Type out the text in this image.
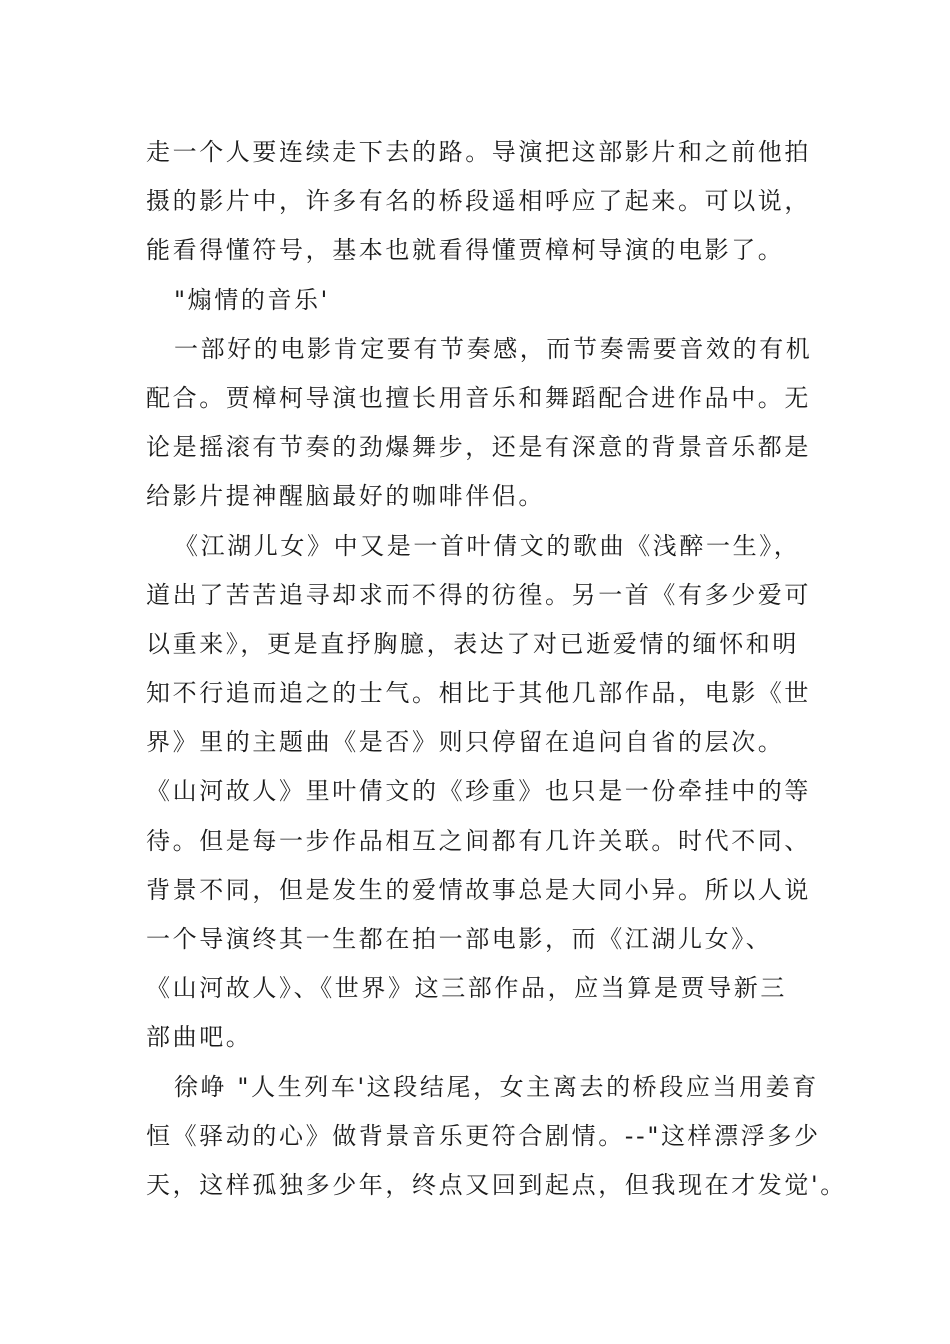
走一个人要连续走下去的路。导演把这部影片和之前他拍
摄的影片中，许多有名的桥段遥相呼应了起来。可以说，
能看得懂符号，基本也就看得懂贾樟柯导演的电影了。
"煽情的音乐'
一部好的电影肯定要有节奏感，而节奏需要音效的有机
配合。贾樟柯导演也擅长用音乐和舞蹈配合进作品中。无
论是摇滚有节奏的劲爆舞步，还是有深意的背景音乐都是
给影片提神醒脑最好的咖啡伴侣。
《江湖儿女》中又是一首叶倩文的歌曲《浅醉一生》，
道出了苦苦追寻却求而不得的彷徨。另一首《有多少爱可
以重来》，更是直抒胸臆，表达了对已逝爱情的缅怀和明
知不行追而追之的士气。相比于其他几部作品，电影《世
界》里的主题曲《是否》则只停留在追问自省的层次。
《山河故人》里叶倩文的《珍重》也只是一份牵挂中的等
待。但是每一步作品相互之间都有几许关联。时代不同、
背景不同，但是发生的爱情故事总是大同小异。所以人说
一个导演终其一生都在拍一部电影，而《江湖儿女》、
《山河故人》、《世界》这三部作品，应当算是贾导新三
部曲吧。
徐峥 "人生列车'这段结尾，女主离去的桥段应当用姜育
恒《驿动的心》做背景音乐更符合剧情。--"这样漂浮多少
天，这样孤独多少年，终点又回到起点，但我现在才发觉'。
